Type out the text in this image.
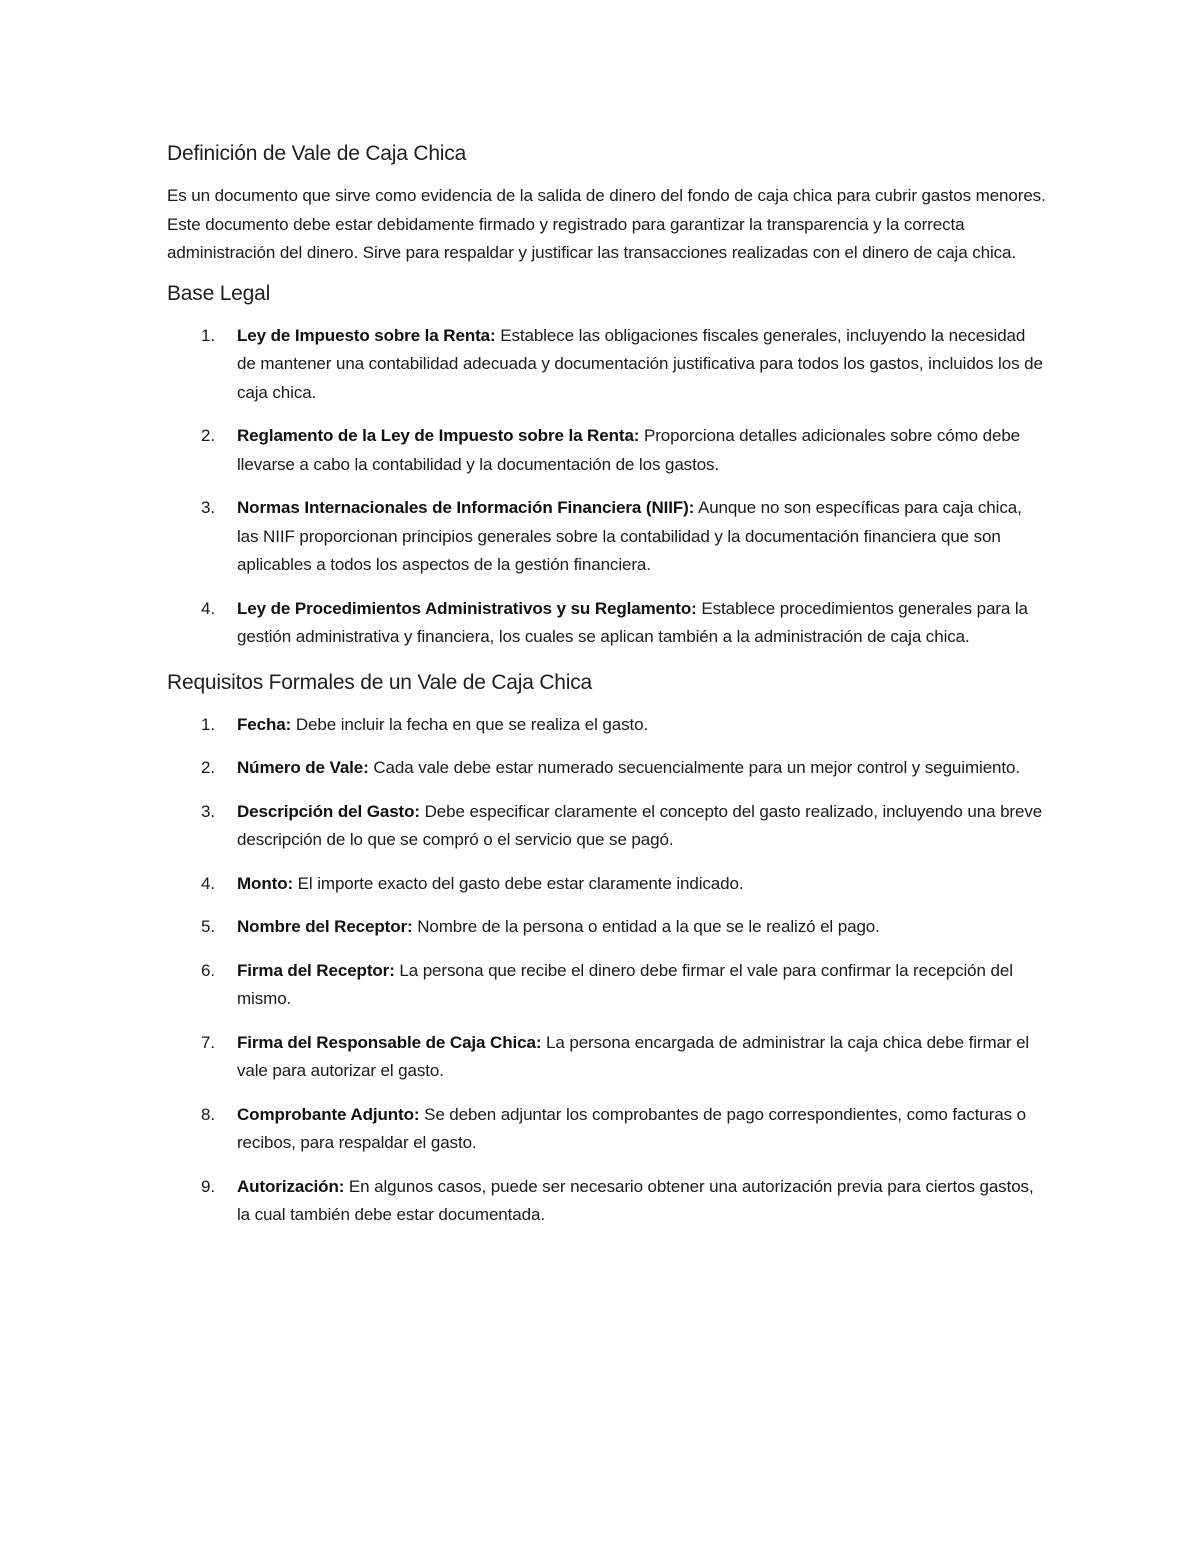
Definición de Vale de Caja Chica

Es un documento que sirve como evidencia de la salida de dinero del fondo de caja chica para cubrir gastos menores. Este documento debe estar debidamente firmado y registrado para garantizar la transparencia y la correcta administración del dinero. Sirve para respaldar y justificar las transacciones realizadas con el dinero de caja chica.

Base Legal
1. Ley de Impuesto sobre la Renta: Establece las obligaciones fiscales generales, incluyendo la necesidad de mantener una contabilidad adecuada y documentación justificativa para todos los gastos, incluidos los de caja chica.
2. Reglamento de la Ley de Impuesto sobre la Renta: Proporciona detalles adicionales sobre cómo debe llevarse a cabo la contabilidad y la documentación de los gastos.
3. Normas Internacionales de Información Financiera (NIIF): Aunque no son específicas para caja chica, las NIIF proporcionan principios generales sobre la contabilidad y la documentación financiera que son aplicables a todos los aspectos de la gestión financiera.
4. Ley de Procedimientos Administrativos y su Reglamento: Establece procedimientos generales para la gestión administrativa y financiera, los cuales se aplican también a la administración de caja chica.
Requisitos Formales de un Vale de Caja Chica
1. Fecha: Debe incluir la fecha en que se realiza el gasto.
2. Número de Vale: Cada vale debe estar numerado secuencialmente para un mejor control y seguimiento.
3. Descripción del Gasto: Debe especificar claramente el concepto del gasto realizado, incluyendo una breve descripción de lo que se compró o el servicio que se pagó.
4. Monto: El importe exacto del gasto debe estar claramente indicado.
5. Nombre del Receptor: Nombre de la persona o entidad a la que se le realizó el pago.
6. Firma del Receptor: La persona que recibe el dinero debe firmar el vale para confirmar la recepción del mismo.
7. Firma del Responsable de Caja Chica: La persona encargada de administrar la caja chica debe firmar el vale para autorizar el gasto.
8. Comprobante Adjunto: Se deben adjuntar los comprobantes de pago correspondientes, como facturas o recibos, para respaldar el gasto.
9. Autorización: En algunos casos, puede ser necesario obtener una autorización previa para ciertos gastos, la cual también debe estar documentada.
